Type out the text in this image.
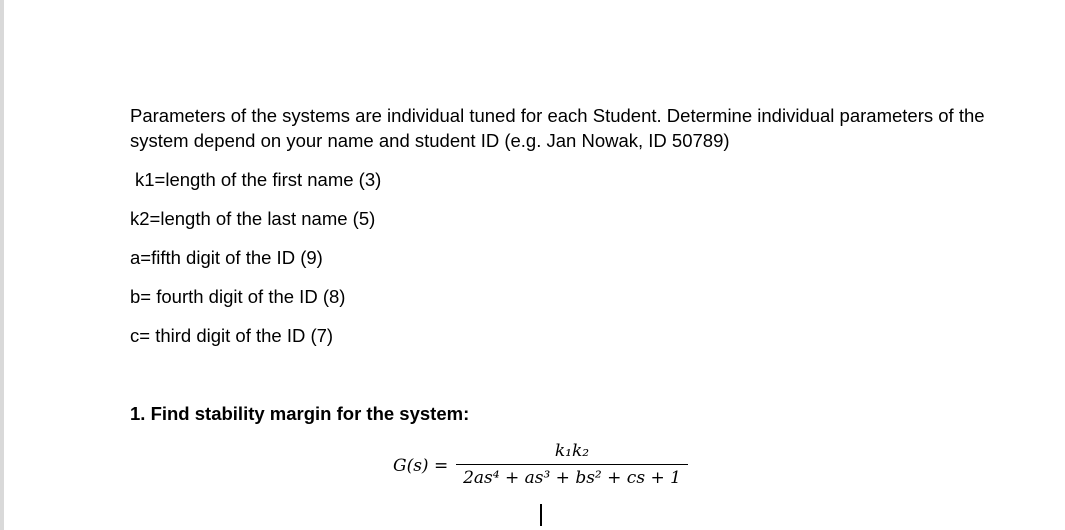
Parameters of the systems are individual tuned for each Student. Determine individual parameters of the system depend on your name and student ID (e.g. Jan Nowak, ID 50789)

k1=length of the first name (3)
k2=length of the last name (5)
a=fifth digit of the ID (9)
b= fourth digit of the ID (8)
c= third digit of the ID (7)
1. Find stability margin for the system:
G(s) =
k₁k₂
2as⁴ + as³ + bs² + cs + 1
